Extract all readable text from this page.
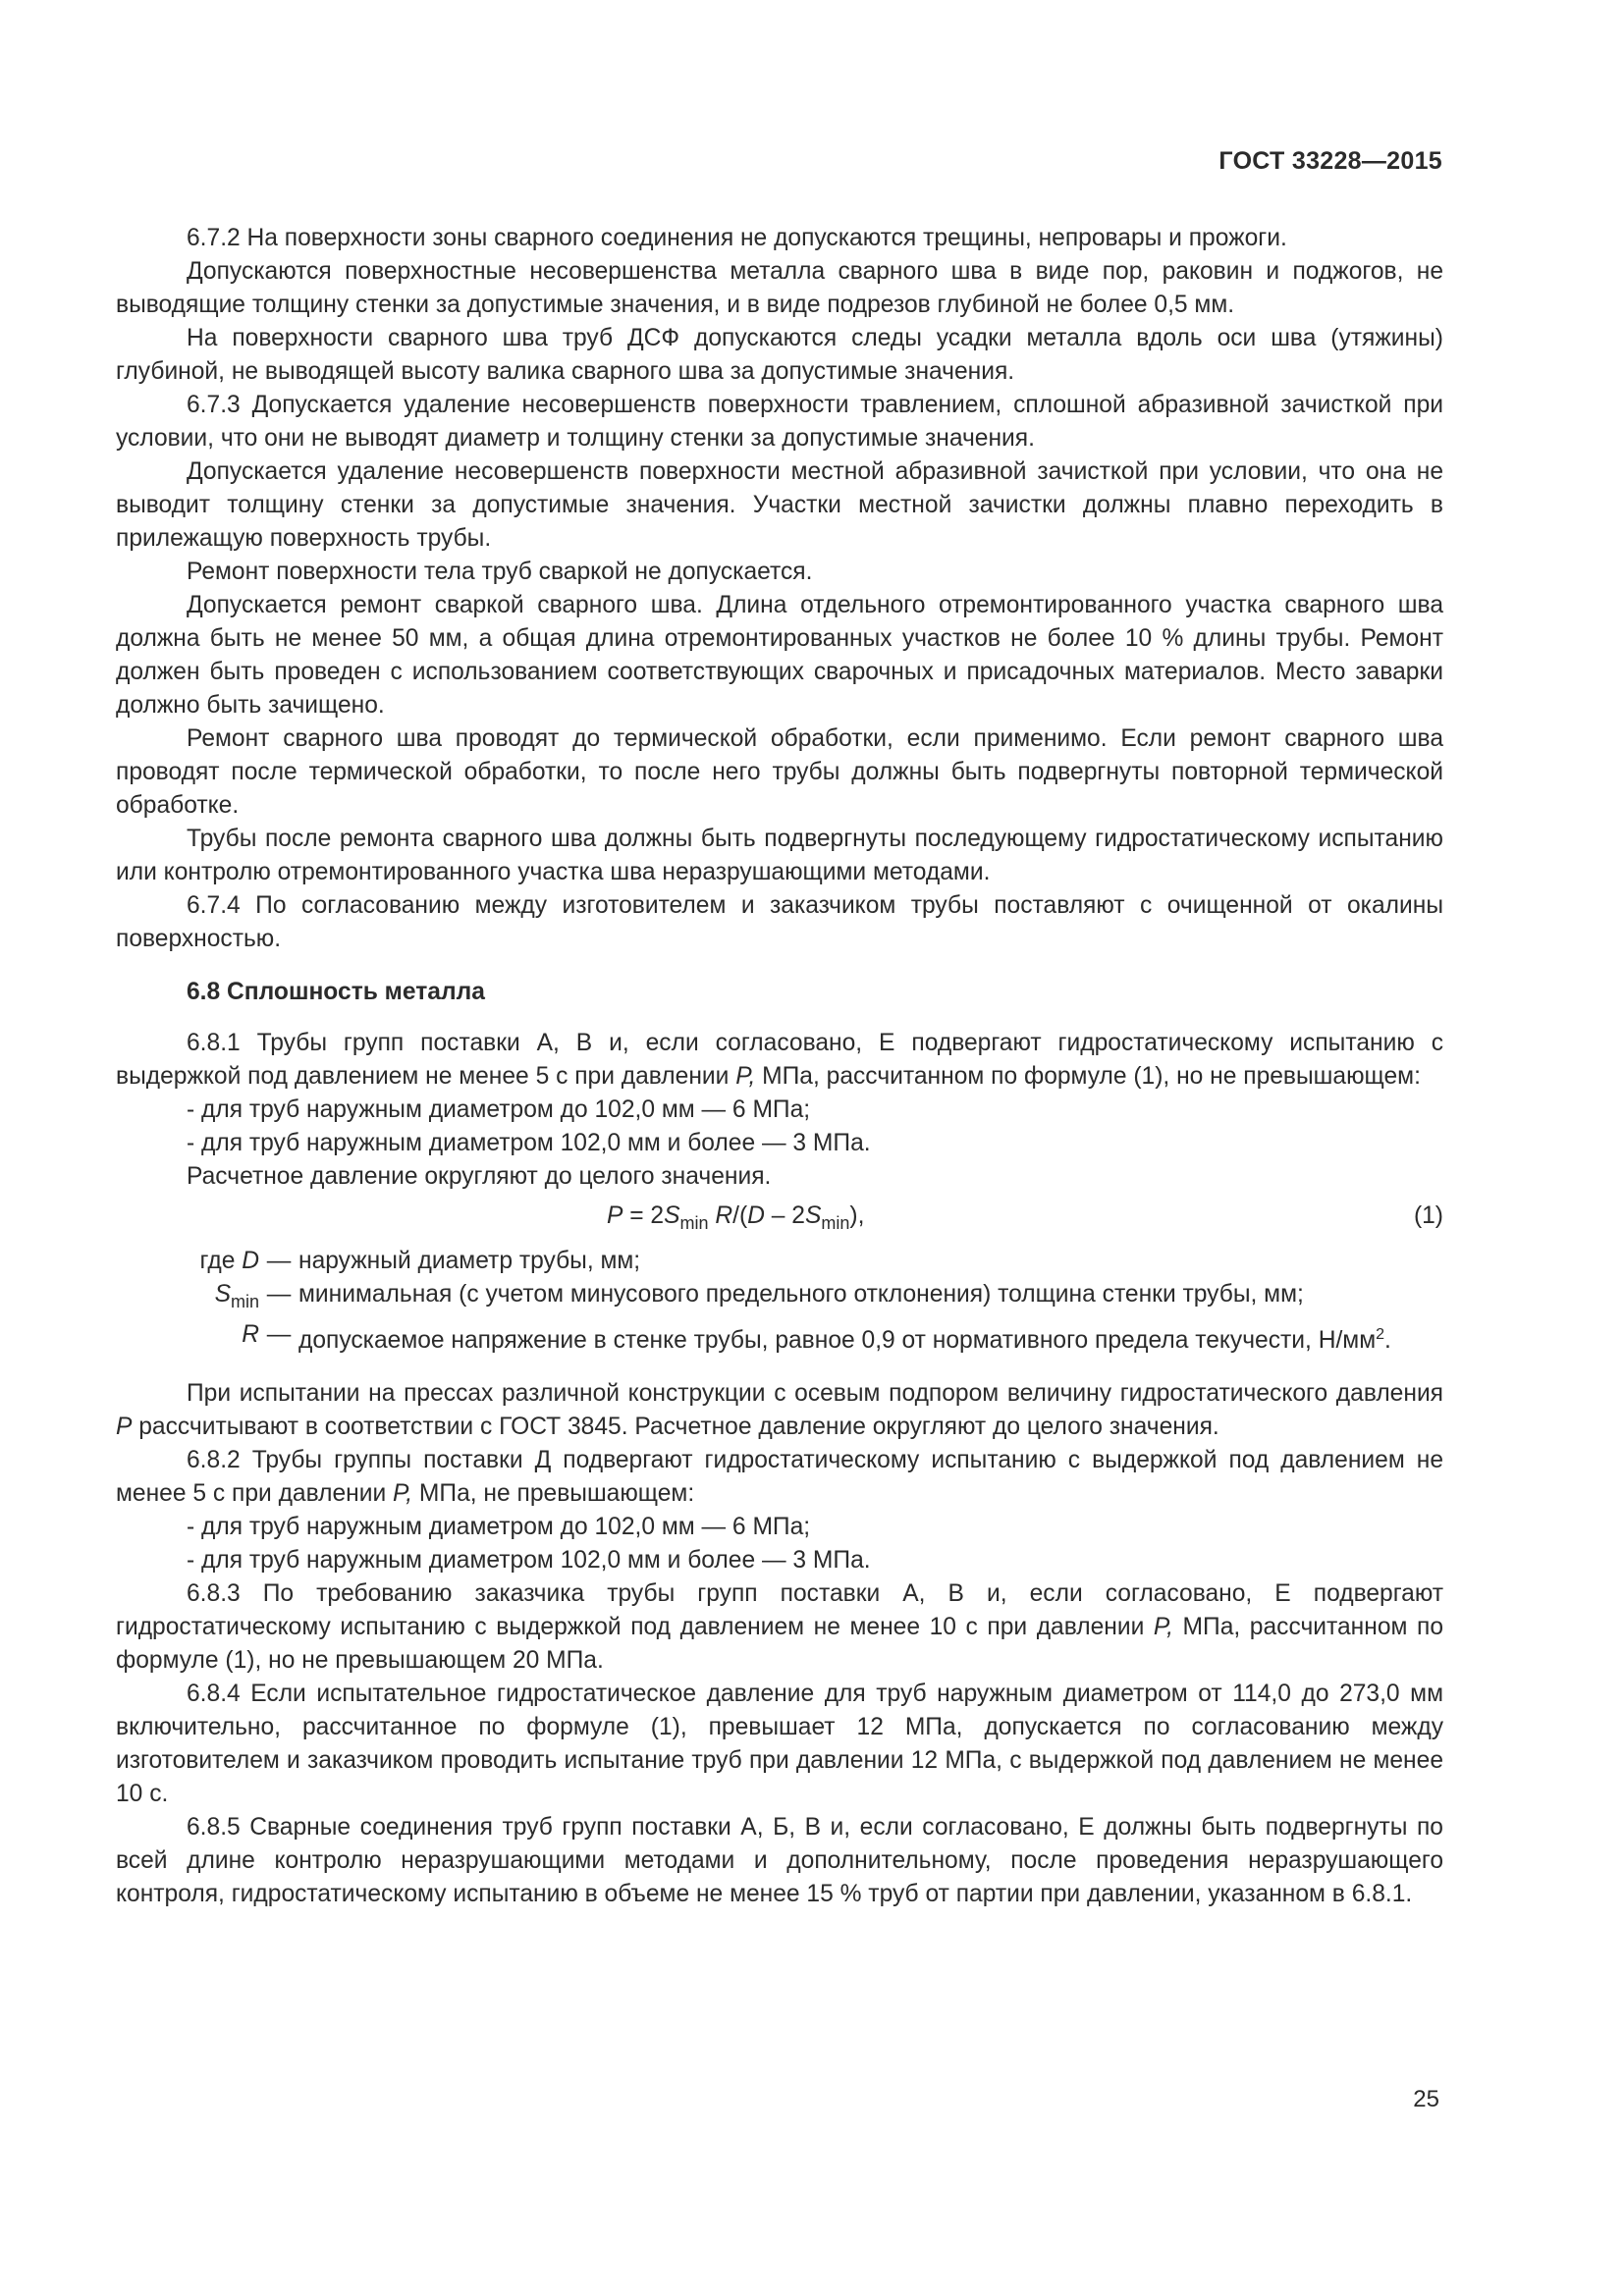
ГОСТ 33228—2015

6.7.2 На поверхности зоны сварного соединения не допускаются трещины, непровары и прожоги.

Допускаются поверхностные несовершенства металла сварного шва в виде пор, раковин и поджогов, не выводящие толщину стенки за допустимые значения, и в виде подрезов глубиной не более 0,5 мм.

На поверхности сварного шва труб ДСФ допускаются следы усадки металла вдоль оси шва (утяжины) глубиной, не выводящей высоту валика сварного шва за допустимые значения.

6.7.3 Допускается удаление несовершенств поверхности травлением, сплошной абразивной зачисткой при условии, что они не выводят диаметр и толщину стенки за допустимые значения.

Допускается удаление несовершенств поверхности местной абразивной зачисткой при условии, что она не выводит толщину стенки за допустимые значения. Участки местной зачистки должны плавно переходить в прилежащую поверхность трубы.

Ремонт поверхности тела труб сваркой не допускается.

Допускается ремонт сваркой сварного шва. Длина отдельного отремонтированного участка сварного шва должна быть не менее 50 мм, а общая длина отремонтированных участков не более 10 % длины трубы. Ремонт должен быть проведен с использованием соответствующих сварочных и присадочных материалов. Место заварки должно быть зачищено.

Ремонт сварного шва проводят до термической обработки, если применимо. Если ремонт сварного шва проводят после термической обработки, то после него трубы должны быть подвергнуты повторной термической обработке.

Трубы после ремонта сварного шва должны быть подвергнуты последующему гидростатическому испытанию или контролю отремонтированного участка шва неразрушающими методами.

6.7.4 По согласованию между изготовителем и заказчиком трубы поставляют с очищенной от окалины поверхностью.

6.8 Сплошность металла

6.8.1 Трубы групп поставки А, В и, если согласовано, Е подвергают гидростатическому испытанию с выдержкой под давлением не менее 5 с при давлении P, МПа, рассчитанном по формуле (1), но не превышающем:

- для труб наружным диаметром до 102,0 мм — 6 МПа;

- для труб наружным диаметром 102,0 мм и более — 3 МПа.

Расчетное давление округляют до целого значения.

$P = 2S_{min}$ $R/(D - 2S_{min})$,	(1)
где D — наружный диаметр трубы, мм;
$S_{min}$ — минимальная (с учетом минусового предельного отклонения) толщина стенки трубы, мм;
R — допускаемое напряжение в стенке трубы, равное 0,9 от нормативного предела текучести, $Н/мм^2$.

При испытании на прессах различной конструкции с осевым подпором величину гидростатического давления Р рассчитывают в соответствии с ГОСТ 3845. Расчетное давление округляют до целого значения.

6.8.2 Трубы группы поставки Д подвергают гидростатическому испытанию с выдержкой под давлением не менее 5 с при давлении P, МПа, не превышающем:

- для труб наружным диаметром до 102,0 мм — 6 МПа;

- для труб наружным диаметром 102,0 мм и более — 3 МПа.

6.8.3 По требованию заказчика трубы групп поставки А, В и, если согласовано, Е подвергают гидростатическому испытанию с выдержкой под давлением не менее 10 с при давлении P, МПа, рассчитанном по формуле (1), но не превышающем 20 МПа.

6.8.4 Если испытательное гидростатическое давление для труб наружным диаметром от 114,0 до 273,0 мм включительно, рассчитанное по формуле (1), превышает 12 МПа, допускается по согласованию между изготовителем и заказчиком проводить испытание труб при давлении 12 МПа, с выдержкой под давлением не менее 10 с.

6.8.5 Сварные соединения труб групп поставки А, Б, В и, если согласовано, Е должны быть подвергнуты по всей длине контролю неразрушающими методами и дополнительному, после проведения неразрушающего контроля, гидростатическому испытанию в объеме не менее 15 % труб от партии при давлении, указанном в 6.8.1.

25
